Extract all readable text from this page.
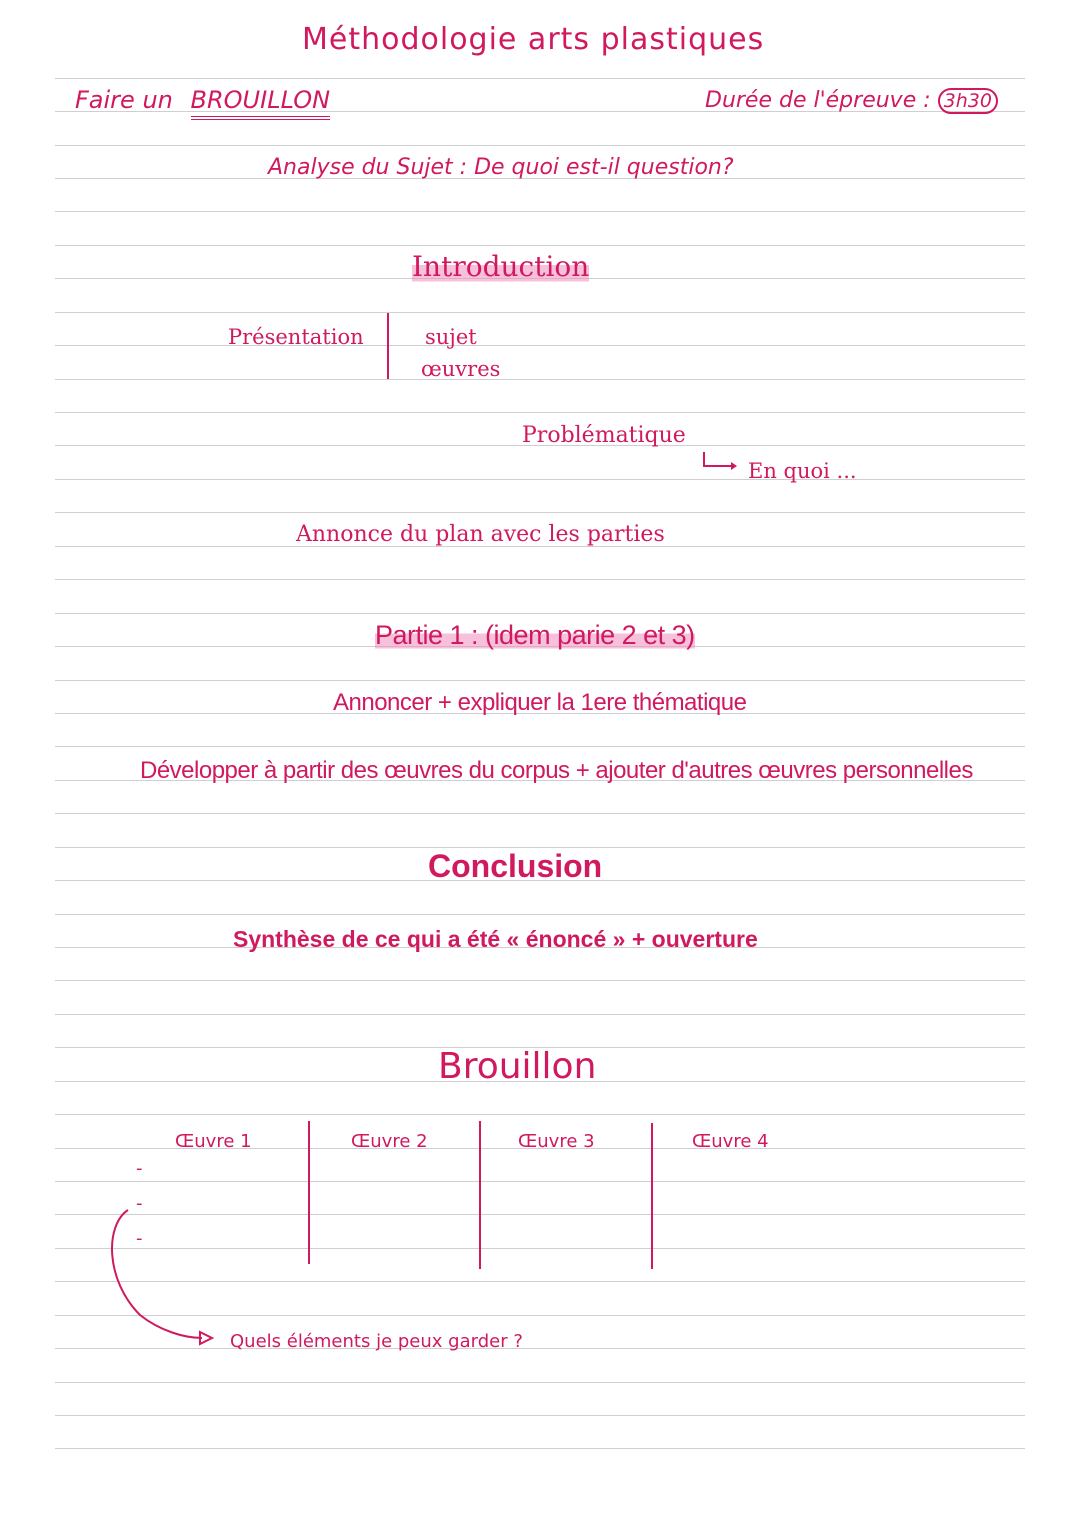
Méthodologie arts plastiques
Faire un BROUILLON	Durée de l'épreuve : 3h30
Analyse du Sujet : De quoi est-il question?
Introduction
Présentation	sujet
œuvres
Problématique
En quoi ...
Annonce du plan avec les parties
Partie 1 : (idem parie 2 et 3)
Annoncer + expliquer la 1ere thématique
Développer à partir des œuvres du corpus + ajouter d'autres œuvres personnelles
Conclusion
Synthèse de ce qui a été « énoncé » + ouverture
Brouillon
Œuvre 1	Œuvre 2	Œuvre 3	Œuvre 4
-
-
-
Quels éléments je peux garder ?
